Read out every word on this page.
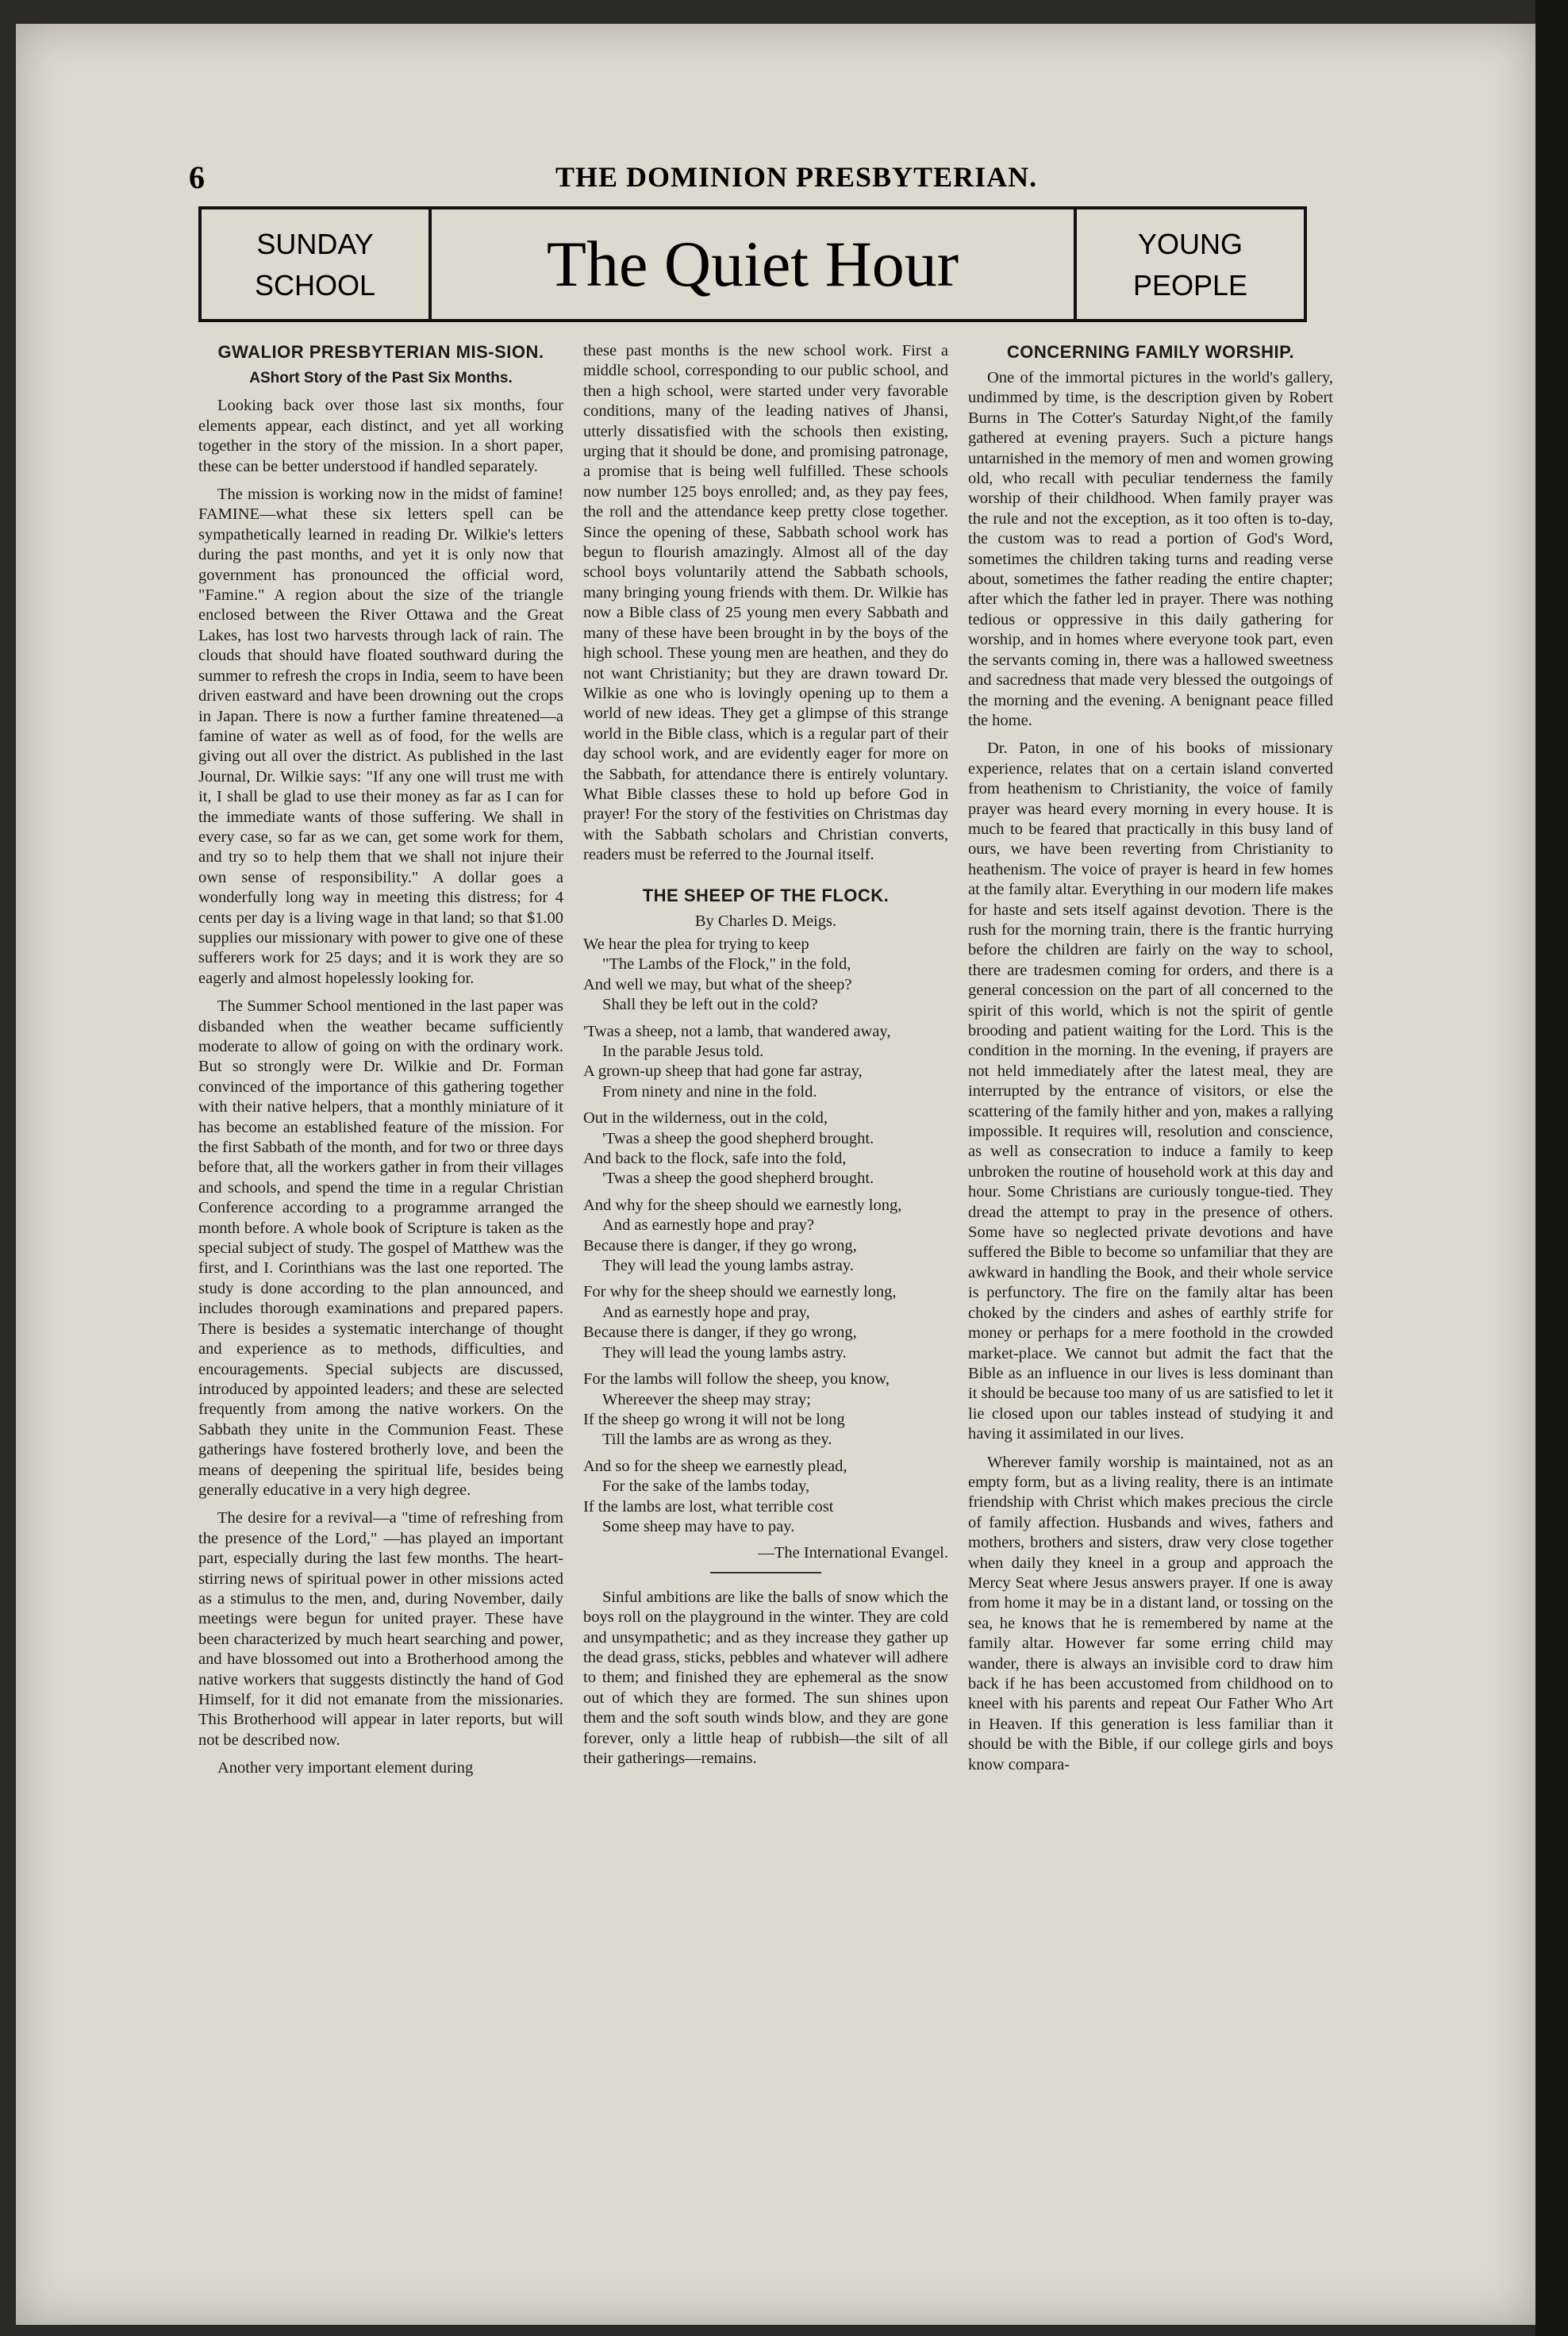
6	THE DOMINION PRESBYTERIAN.
SUNDAY
SCHOOL	The Quiet Hour	YOUNG
PEOPLE
GWALIOR PRESBYTERIAN MIS-SION.
AShort Story of the Past Six Months.

Looking back over those last six months, four elements appear, each distinct, and yet all working together in the story of the mission. In a short paper, these can be better understood if handled separately.

The mission is working now in the midst of famine! FAMINE—what these six letters spell can be sympathetically learned in reading Dr. Wilkie's letters during the past months, and yet it is only now that government has pronounced the official word, "Famine." A region about the size of the triangle enclosed between the River Ottawa and the Great Lakes, has lost two harvests through lack of rain. The clouds that should have floated southward during the summer to refresh the crops in India, seem to have been driven eastward and have been drowning out the crops in Japan. There is now a further famine threatened—a famine of water as well as of food, for the wells are giving out all over the district. As published in the last Journal, Dr. Wilkie says: "If any one will trust me with it, I shall be glad to use their money as far as I can for the immediate wants of those suffering. We shall in every case, so far as we can, get some work for them, and try so to help them that we shall not injure their own sense of responsibility." A dollar goes a wonderfully long way in meeting this distress; for 4 cents per day is a living wage in that land; so that $1.00 supplies our missionary with power to give one of these sufferers work for 25 days; and it is work they are so eagerly and almost hopelessly looking for.

The Summer School mentioned in the last paper was disbanded when the weather became sufficiently moderate to allow of going on with the ordinary work. But so strongly were Dr. Wilkie and Dr. Forman convinced of the importance of this gathering together with their native helpers, that a monthly miniature of it has become an established feature of the mission. For the first Sabbath of the month, and for two or three days before that, all the workers gather in from their villages and schools, and spend the time in a regular Christian Conference according to a programme arranged the month before. A whole book of Scripture is taken as the special subject of study. The gospel of Matthew was the first, and I. Corinthians was the last one reported. The study is done according to the plan announced, and includes thorough examinations and prepared papers. There is besides a systematic interchange of thought and experience as to methods, difficulties, and encouragements. Special subjects are discussed, introduced by appointed leaders; and these are selected frequently from among the native workers. On the Sabbath they unite in the Communion Feast. These gatherings have fostered brotherly love, and been the means of deepening the spiritual life, besides being generally educative in a very high degree.

The desire for a revival—a "time of refreshing from the presence of the Lord," —has played an important part, especially during the last few months. The heart-stirring news of spiritual power in other missions acted as a stimulus to the men, and, during November, daily meetings were begun for united prayer. These have been characterized by much heart searching and power, and have blossomed out into a Brotherhood among the native workers that suggests distinctly the hand of God Himself, for it did not emanate from the missionaries. This Brotherhood will appear in later reports, but will not be described now.

Another very important element during

these past months is the new school work. First a middle school, corresponding to our public school, and then a high school, were started under very favorable conditions, many of the leading natives of Jhansi, utterly dissatisfied with the schools then existing, urging that it should be done, and promising patronage, a promise that is being well fulfilled. These schools now number 125 boys enrolled; and, as they pay fees, the roll and the attendance keep pretty close together. Since the opening of these, Sabbath school work has begun to flourish amazingly. Almost all of the day school boys voluntarily attend the Sabbath schools, many bringing young friends with them. Dr. Wilkie has now a Bible class of 25 young men every Sabbath and many of these have been brought in by the boys of the high school. These young men are heathen, and they do not want Christianity; but they are drawn toward Dr. Wilkie as one who is lovingly opening up to them a world of new ideas. They get a glimpse of this strange world in the Bible class, which is a regular part of their day school work, and are evidently eager for more on the Sabbath, for attendance there is entirely voluntary. What Bible classes these to hold up before God in prayer! For the story of the festivities on Christmas day with the Sabbath scholars and Christian converts, readers must be referred to the Journal itself.

THE SHEEP OF THE FLOCK.
By Charles D. Meigs.
We hear the plea for trying to keep
"The Lambs of the Flock," in the fold,
And well we may, but what of the sheep?
Shall they be left out in the cold?
'Twas a sheep, not a lamb, that wandered away,
In the parable Jesus told.
A grown-up sheep that had gone far astray,
From ninety and nine in the fold.
Out in the wilderness, out in the cold,
'Twas a sheep the good shepherd brought.
And back to the flock, safe into the fold,
'Twas a sheep the good shepherd brought.
And why for the sheep should we earnestly long,
And as earnestly hope and pray?
Because there is danger, if they go wrong,
They will lead the young lambs astray.
For why for the sheep should we earnestly long,
And as earnestly hope and pray,
Because there is danger, if they go wrong,
They will lead the young lambs astry.
For the lambs will follow the sheep, you know,
Whereever the sheep may stray;
If the sheep go wrong it will not be long
Till the lambs are as wrong as they.
And so for the sheep we earnestly plead,
For the sake of the lambs today,
If the lambs are lost, what terrible cost
Some sheep may have to pay.
—The International Evangel.

Sinful ambitions are like the balls of snow which the boys roll on the playground in the winter. They are cold and unsympathetic; and as they increase they gather up the dead grass, sticks, pebbles and whatever will adhere to them; and finished they are ephemeral as the snow out of which they are formed. The sun shines upon them and the soft south winds blow, and they are gone forever, only a little heap of rubbish—the silt of all their gatherings—remains.

CONCERNING FAMILY WORSHIP.

One of the immortal pictures in the world's gallery, undimmed by time, is the description given by Robert Burns in The Cotter's Saturday Night,of the family gathered at evening prayers. Such a picture hangs untarnished in the memory of men and women growing old, who recall with peculiar tenderness the family worship of their childhood. When family prayer was the rule and not the exception, as it too often is to-day, the custom was to read a portion of God's Word, sometimes the children taking turns and reading verse about, sometimes the father reading the entire chapter; after which the father led in prayer. There was nothing tedious or oppressive in this daily gathering for worship, and in homes where everyone took part, even the servants coming in, there was a hallowed sweetness and sacredness that made very blessed the outgoings of the morning and the evening. A benignant peace filled the home.

Dr. Paton, in one of his books of missionary experience, relates that on a certain island converted from heathenism to Christianity, the voice of family prayer was heard every morning in every house. It is much to be feared that practically in this busy land of ours, we have been reverting from Christianity to heathenism. The voice of prayer is heard in few homes at the family altar. Everything in our modern life makes for haste and sets itself against devotion. There is the rush for the morning train, there is the frantic hurrying before the children are fairly on the way to school, there are tradesmen coming for orders, and there is a general concession on the part of all concerned to the spirit of this world, which is not the spirit of gentle brooding and patient waiting for the Lord. This is the condition in the morning. In the evening, if prayers are not held immediately after the latest meal, they are interrupted by the entrance of visitors, or else the scattering of the family hither and yon, makes a rallying impossible. It requires will, resolution and conscience, as well as consecration to induce a family to keep unbroken the routine of household work at this day and hour. Some Christians are curiously tongue-tied. They dread the attempt to pray in the presence of others. Some have so neglected private devotions and have suffered the Bible to become so unfamiliar that they are awkward in handling the Book, and their whole service is perfunctory. The fire on the family altar has been choked by the cinders and ashes of earthly strife for money or perhaps for a mere foothold in the crowded market-place. We cannot but admit the fact that the Bible as an influence in our lives is less dominant than it should be because too many of us are satisfied to let it lie closed upon our tables instead of studying it and having it assimilated in our lives.

Wherever family worship is maintained, not as an empty form, but as a living reality, there is an intimate friendship with Christ which makes precious the circle of family affection. Husbands and wives, fathers and mothers, brothers and sisters, draw very close together when daily they kneel in a group and approach the Mercy Seat where Jesus answers prayer. If one is away from home it may be in a distant land, or tossing on the sea, he knows that he is remembered by name at the family altar. However far some erring child may wander, there is always an invisible cord to draw him back if he has been accustomed from childhood on to kneel with his parents and repeat Our Father Who Art in Heaven. If this generation is less familiar than it should be with the Bible, if our college girls and boys know compara-
